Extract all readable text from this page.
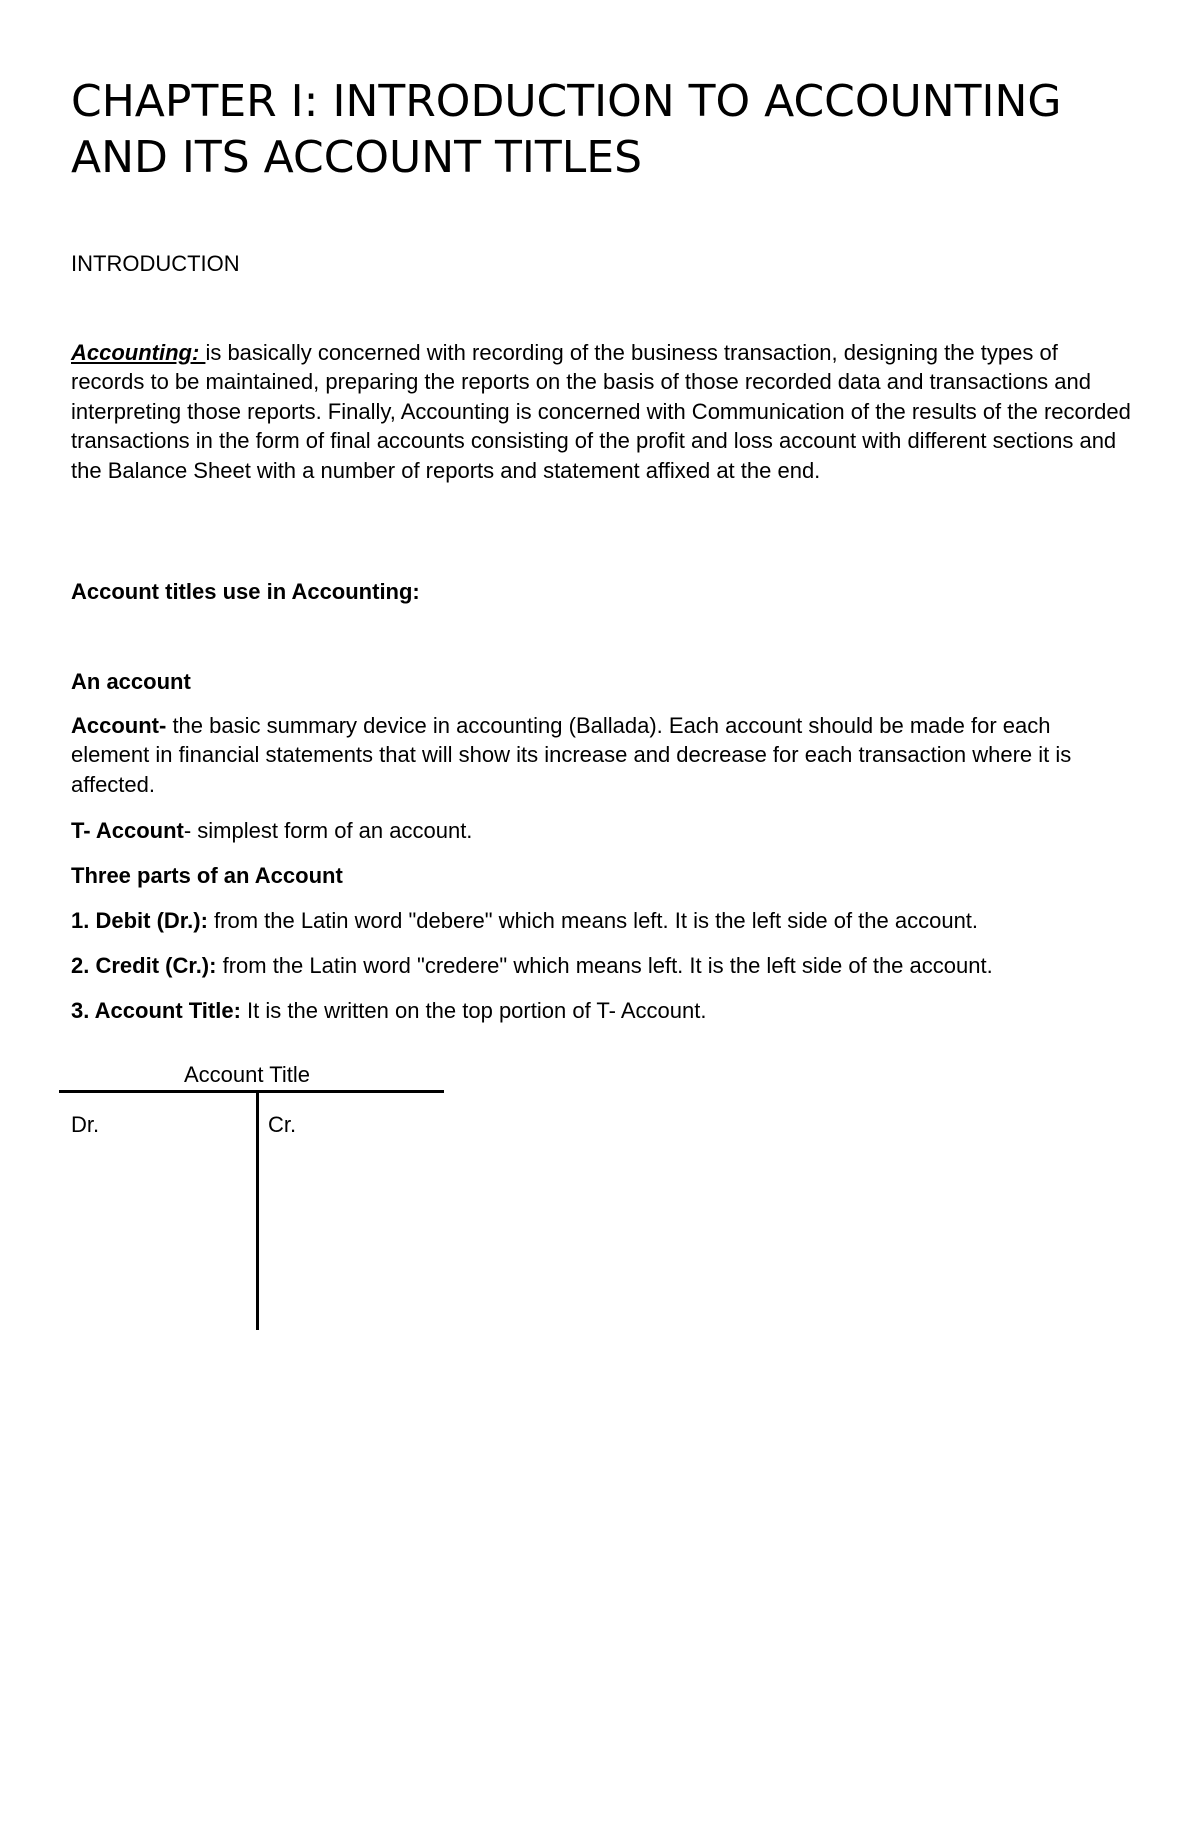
CHAPTER I: INTRODUCTION TO ACCOUNTING AND ITS ACCOUNT TITLES

INTRODUCTION

Accounting: is basically concerned with recording of the business transaction, designing the types of records to be maintained, preparing the reports on the basis of those recorded data and transactions and interpreting those reports. Finally, Accounting is concerned with Communication of the results of the recorded transactions in the form of final accounts consisting of the profit and loss account with different sections and the Balance Sheet with a number of reports and statement affixed at the end.

Account titles use in Accounting:

An account

Account- the basic summary device in accounting (Ballada). Each account should be made for each element in financial statements that will show its increase and decrease for each transaction where it is affected.

T- Account- simplest form of an account.

Three parts of an Account

1. Debit (Dr.): from the Latin word "debere" which means left. It is the left side of the account.

2. Credit (Cr.): from the Latin word "credere" which means left. It is the left side of the account.

3. Account Title: It is the written on the top portion of T- Account.

Account Title
Dr.	Cr.
